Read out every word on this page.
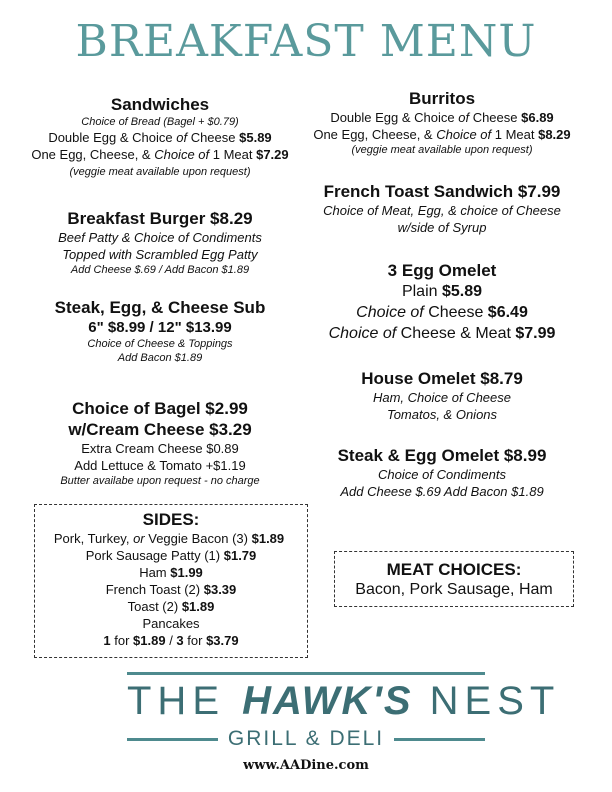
BREAKFAST MENU
Sandwiches
Choice of Bread (Bagel + $0.79)
Double Egg & Choice of Cheese $5.89
One Egg, Cheese, & Choice of 1 Meat $7.29
(veggie meat available upon request)
Breakfast Burger $8.29
Beef Patty & Choice of Condiments
Topped with Scrambled Egg Patty
Add Cheese $.69 / Add Bacon $1.89
Steak, Egg, & Cheese Sub
6" $8.99 / 12" $13.99
Choice of Cheese & Toppings
Add Bacon $1.89
Choice of Bagel $2.99
w/Cream Cheese $3.29
Extra Cream Cheese $0.89
Add Lettuce & Tomato +$1.19
Butter availabe upon request - no charge
SIDES:
Pork, Turkey, or Veggie Bacon (3) $1.89
Pork Sausage Patty (1) $1.79
Ham $1.99
French Toast (2) $3.39
Toast (2) $1.89
Pancakes
1 for $1.89 / 3 for $3.79
Burritos
Double Egg & Choice of Cheese $6.89
One Egg, Cheese, & Choice of 1 Meat $8.29
(veggie meat available upon request)
French Toast Sandwich $7.99
Choice of Meat, Egg, & choice of Cheese
w/side of Syrup
3 Egg Omelet
Plain $5.89
Choice of Cheese $6.49
Choice of Cheese & Meat $7.99
House Omelet $8.79
Ham, Choice of Cheese
Tomatos, & Onions
Steak & Egg Omelet $8.99
Choice of Condiments
Add Cheese $.69 Add Bacon $1.89
MEAT CHOICES:
Bacon, Pork Sausage, Ham
THE HAWK'S NEST
GRILL & DELI
www.AADine.com
